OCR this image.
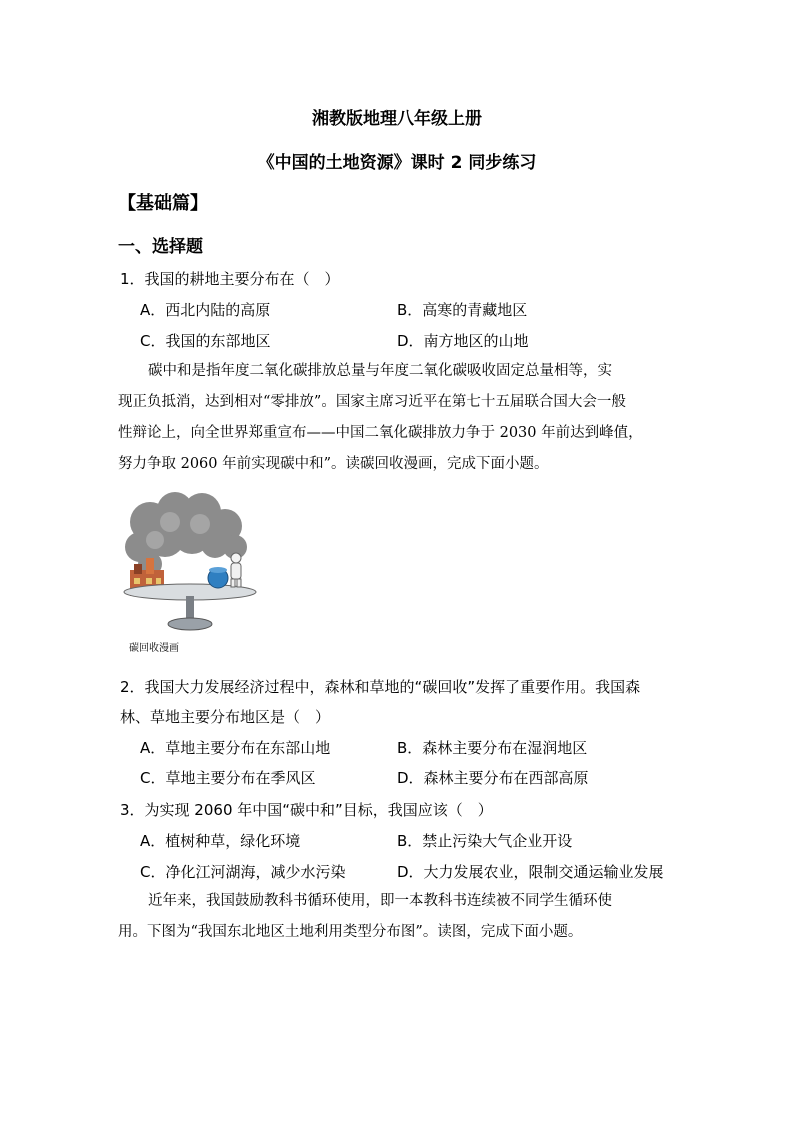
湘教版地理八年级上册
《中国的土地资源》课时 2 同步练习
【基础篇】
一、选择题
1．我国的耕地主要分布在（　）
A．西北内陆的高原	B．高寒的青藏地区
C．我国的东部地区	D．南方地区的山地
碳中和是指年度二氧化碳排放总量与年度二氧化碳吸收固定总量相等，实
现正负抵消，达到相对“零排放”。国家主席习近平在第七十五届联合国大会一般
性辩论上，向全世界郑重宣布——中国二氧化碳排放力争于 2030 年前达到峰值，
努力争取 2060 年前实现碳中和”。读碳回收漫画，完成下面小题。
碳回收漫画
2．我国大力发展经济过程中，森林和草地的“碳回收”发挥了重要作用。我国森
林、草地主要分布地区是（　）
A．草地主要分布在东部山地	B．森林主要分布在湿润地区
C．草地主要分布在季风区	D．森林主要分布在西部高原
3．为实现 2060 年中国“碳中和”目标，我国应该（　）
A．植树种草，绿化环境	B．禁止污染大气企业开设
C．净化江河湖海，减少水污染	D．大力发展农业，限制交通运输业发展
近年来，我国鼓励教科书循环使用，即一本教科书连续被不同学生循环使
用。下图为“我国东北地区土地利用类型分布图”。读图，完成下面小题。
